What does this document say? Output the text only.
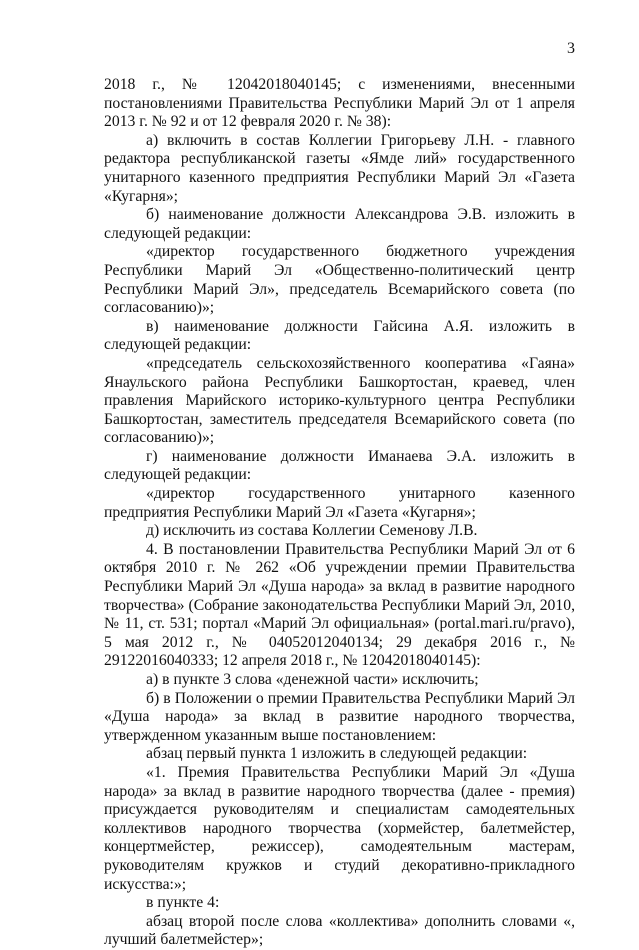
3

2018 г., № 12042018040145; с изменениями, внесенными постановлениями Правительства Республики Марий Эл от 1 апреля 2013 г. № 92 и от 12 февраля 2020 г. № 38):

а) включить в состав Коллегии Григорьеву Л.Н. - главного редактора республиканской газеты «Ямде лий» государственного унитарного казенного предприятия Республики Марий Эл «Газета «Кугарня»;

б) наименование должности Александрова Э.В. изложить в следующей редакции:

«директор государственного бюджетного учреждения Республики Марий Эл «Общественно-политический центр Республики Марий Эл», председатель Всемарийского совета (по согласованию)»;

в) наименование должности Гайсина А.Я. изложить в следующей редакции:

«председатель сельскохозяйственного кооператива «Гаяна» Янаульского района Республики Башкортостан, краевед, член правления Марийского историко-культурного центра Республики Башкортостан, заместитель председателя Всемарийского совета (по согласованию)»;

г) наименование должности Иманаева Э.А. изложить в следующей редакции:

«директор государственного унитарного казенного предприятия Республики Марий Эл «Газета «Кугарня»;

д) исключить из состава Коллегии Семенову Л.В.

4. В постановлении Правительства Республики Марий Эл от 6 октября 2010 г. № 262 «Об учреждении премии Правительства Республики Марий Эл «Душа народа» за вклад в развитие народного творчества» (Собрание законодательства Республики Марий Эл, 2010, № 11, ст. 531; портал «Марий Эл официальная» (portal.mari.ru/pravo), 5 мая 2012 г., № 04052012040134; 29 декабря 2016 г., № 29122016040333; 12 апреля 2018 г., № 12042018040145):

а) в пункте 3 слова «денежной части» исключить;

б) в Положении о премии Правительства Республики Марий Эл «Душа народа» за вклад в развитие народного творчества, утвержденном указанным выше постановлением:

абзац первый пункта 1 изложить в следующей редакции:

«1. Премия Правительства Республики Марий Эл «Душа народа» за вклад в развитие народного творчества (далее - премия) присуждается руководителям и специалистам самодеятельных коллективов народного творчества (хормейстер, балетмейстер, концертмейстер, режиссер), самодеятельным мастерам, руководителям кружков и студий декоративно-прикладного искусства:»;

в пункте 4:

абзац второй после слова «коллектива» дополнить словами «, лучший балетмейстер»;
